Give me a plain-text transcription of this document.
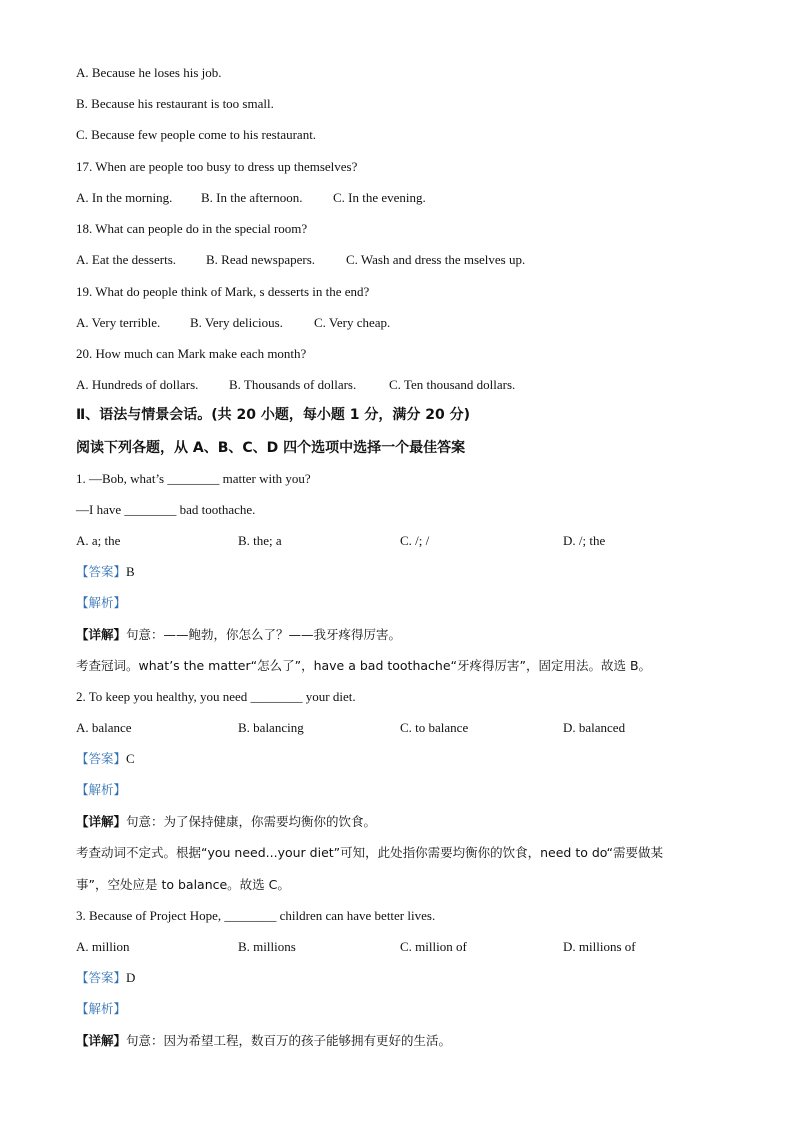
A. Because he loses his job.
B. Because his restaurant is too small.
C. Because few people come to his restaurant.
17. When are people too busy to dress up themselves?
A. In the morning. B. In the afternoon. C. In the evening.
18. What can people do in the special room?
A. Eat the desserts. B. Read newspapers. C. Wash and dress the mselves up.
19. What do people think of Mark, s desserts in the end?
A. Very terrible. B. Very delicious. C. Very cheap.
20. How much can Mark make each month?
A. Hundreds of dollars. B. Thousands of dollars.	C. Ten thousand dollars.
Ⅱ、语法与情景会话。(共 20 小题，每小题 1 分，满分 20 分)
阅读下列各题，从 A、B、C、D 四个选项中选择一个最佳答案
1. —Bob, what’s ________ matter with you?
—I have ________ bad toothache.
A. a; the	B. the; a	C. /; /	D. /; the
【答案】B
【解析】
【详解】句意：——鲍勃，你怎么了？——我牙疼得厉害。
考查冠词。what’s the matter“怎么了”，have a bad toothache“牙疼得厉害”，固定用法。故选 B。
2. To keep you healthy, you need ________ your diet.
A. balance	B. balancing	C. to balance	D. balanced
【答案】C
【解析】
【详解】句意：为了保持健康，你需要均衡你的饮食。
考查动词不定式。根据“you need...your diet”可知，此处指你需要均衡你的饮食，need to do“需要做某
事”，空处应是 to balance。故选 C。
3. Because of Project Hope, ________ children can have better lives.
A. million	B. millions	C. million of	D. millions of
【答案】D
【解析】
【详解】句意：因为希望工程，数百万的孩子能够拥有更好的生活。
